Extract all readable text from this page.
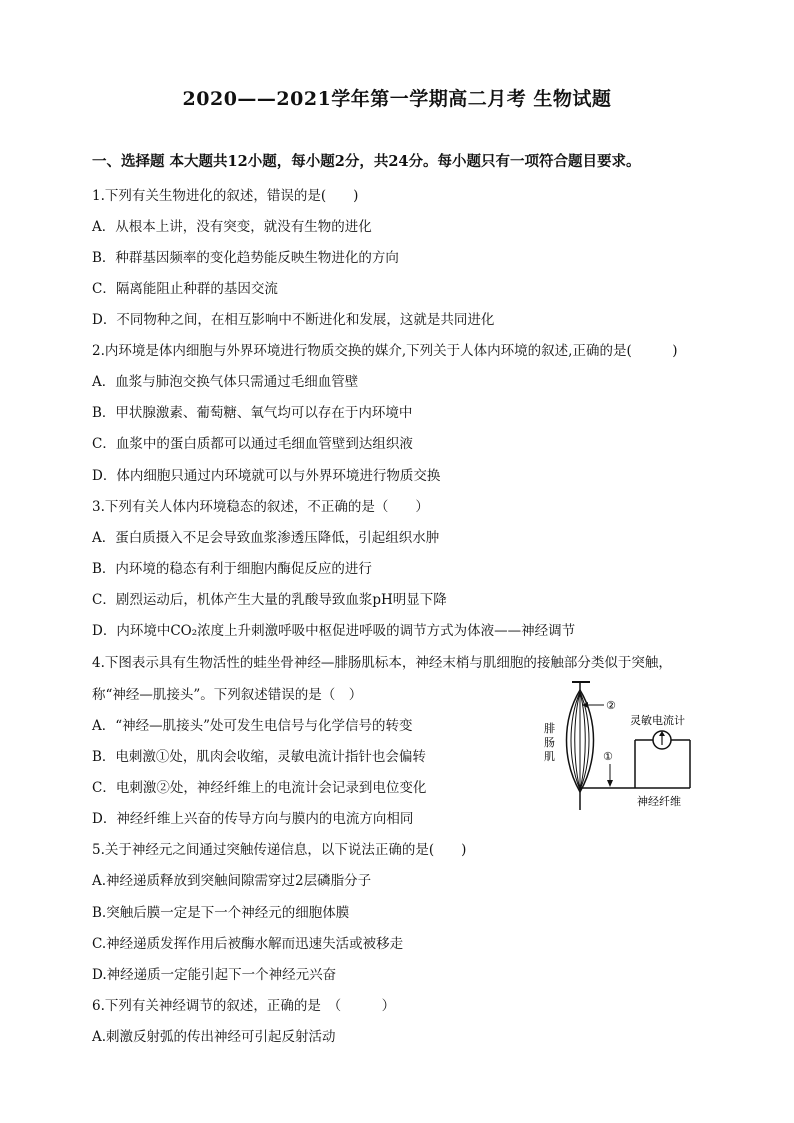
2020——2021学年第一学期高二月考 生物试题
一、选择题 本大题共12小题，每小题2分，共24分。每小题只有一项符合题目要求。
1.下列有关生物进化的叙述，错误的是(　　)
A．从根本上讲，没有突变，就没有生物的进化
B．种群基因频率的变化趋势能反映生物进化的方向
C．隔离能阻止种群的基因交流
D．不同物种之间，在相互影响中不断进化和发展，这就是共同进化
2.内环境是体内细胞与外界环境进行物质交换的媒介,下列关于人体内环境的叙述,正确的是(　　　)
A．血浆与肺泡交换气体只需通过毛细血管壁
B．甲状腺激素、葡萄糖、氧气均可以存在于内环境中
C．血浆中的蛋白质都可以通过毛细血管壁到达组织液
D．体内细胞只通过内环境就可以与外界环境进行物质交换
3.下列有关人体内环境稳态的叙述，不正确的是（　　）
A．蛋白质摄入不足会导致血浆渗透压降低，引起组织水肿
B．内环境的稳态有利于细胞内酶促反应的进行
C．剧烈运动后，机体产生大量的乳酸导致血浆pH明显下降
D．内环境中CO₂浓度上升刺激呼吸中枢促进呼吸的调节方式为体液——神经调节
4.下图表示具有生物活性的蛙坐骨神经—腓肠肌标本，神经末梢与肌细胞的接触部分类似于突触，
称“神经—肌接头”。下列叙述错误的是（　）
A．“神经—肌接头”处可发生电信号与化学信号的转变
B．电刺激①处，肌肉会收缩，灵敏电流计指针也会偏转
C．电刺激②处，神经纤维上的电流计会记录到电位变化
D．神经纤维上兴奋的传导方向与膜内的电流方向相同
5.关于神经元之间通过突触传递信息，以下说法正确的是(　　)
A.神经递质释放到突触间隙需穿过2层磷脂分子
B.突触后膜一定是下一个神经元的细胞体膜
C.神经递质发挥作用后被酶水解而迅速失活或被移走
D.神经递质一定能引起下一个神经元兴奋
6.下列有关神经调节的叙述，正确的是　（　　　）
A.刺激反射弧的传出神经可引起反射活动
腓
肠
肌
②
①
灵敏电流计
神经纤维
